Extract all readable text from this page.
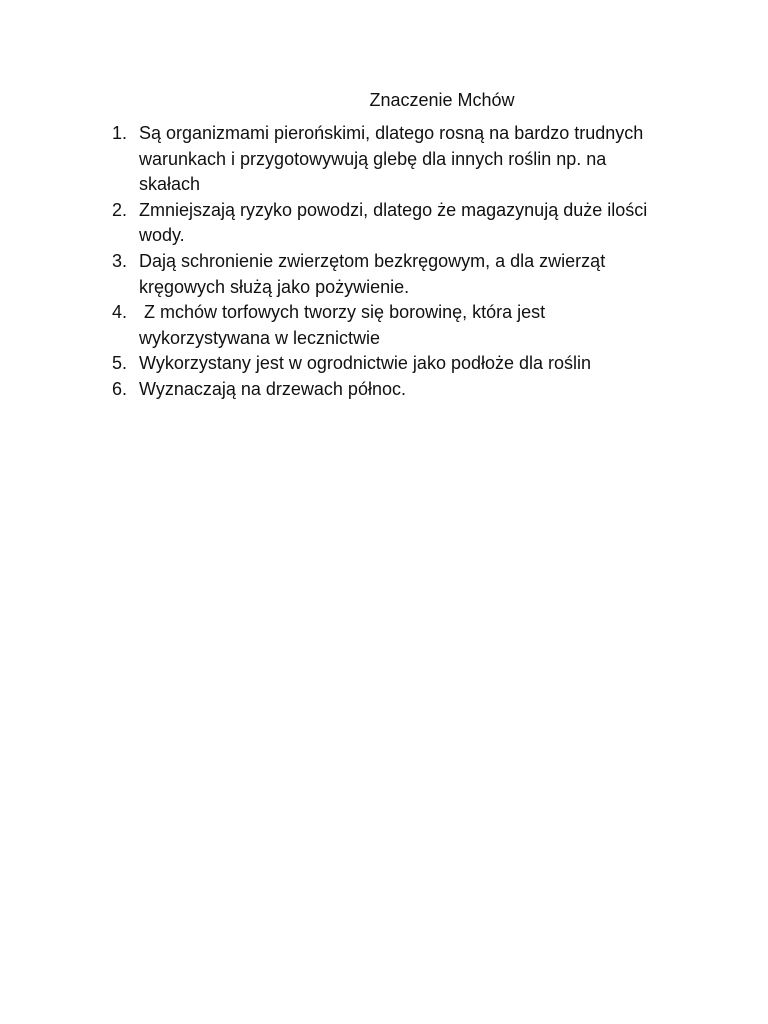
Znaczenie Mchów
1. Są organizmami pierońskimi, dlatego rosną na bardzo trudnych warunkach i przygotowywują glebę dla innych roślin np. na skałach
2. Zmniejszają ryzyko powodzi, dlatego że magazynują duże ilości wody.
3. Dają schronienie zwierzętom bezkręgowym, a dla zwierząt kręgowych służą jako pożywienie.
4. Z mchów torfowych tworzy się borowinę, która jest wykorzystywana w lecznictwie
5. Wykorzystany jest w ogrodnictwie jako podłoże dla roślin
6. Wyznaczają na drzewach północ.
